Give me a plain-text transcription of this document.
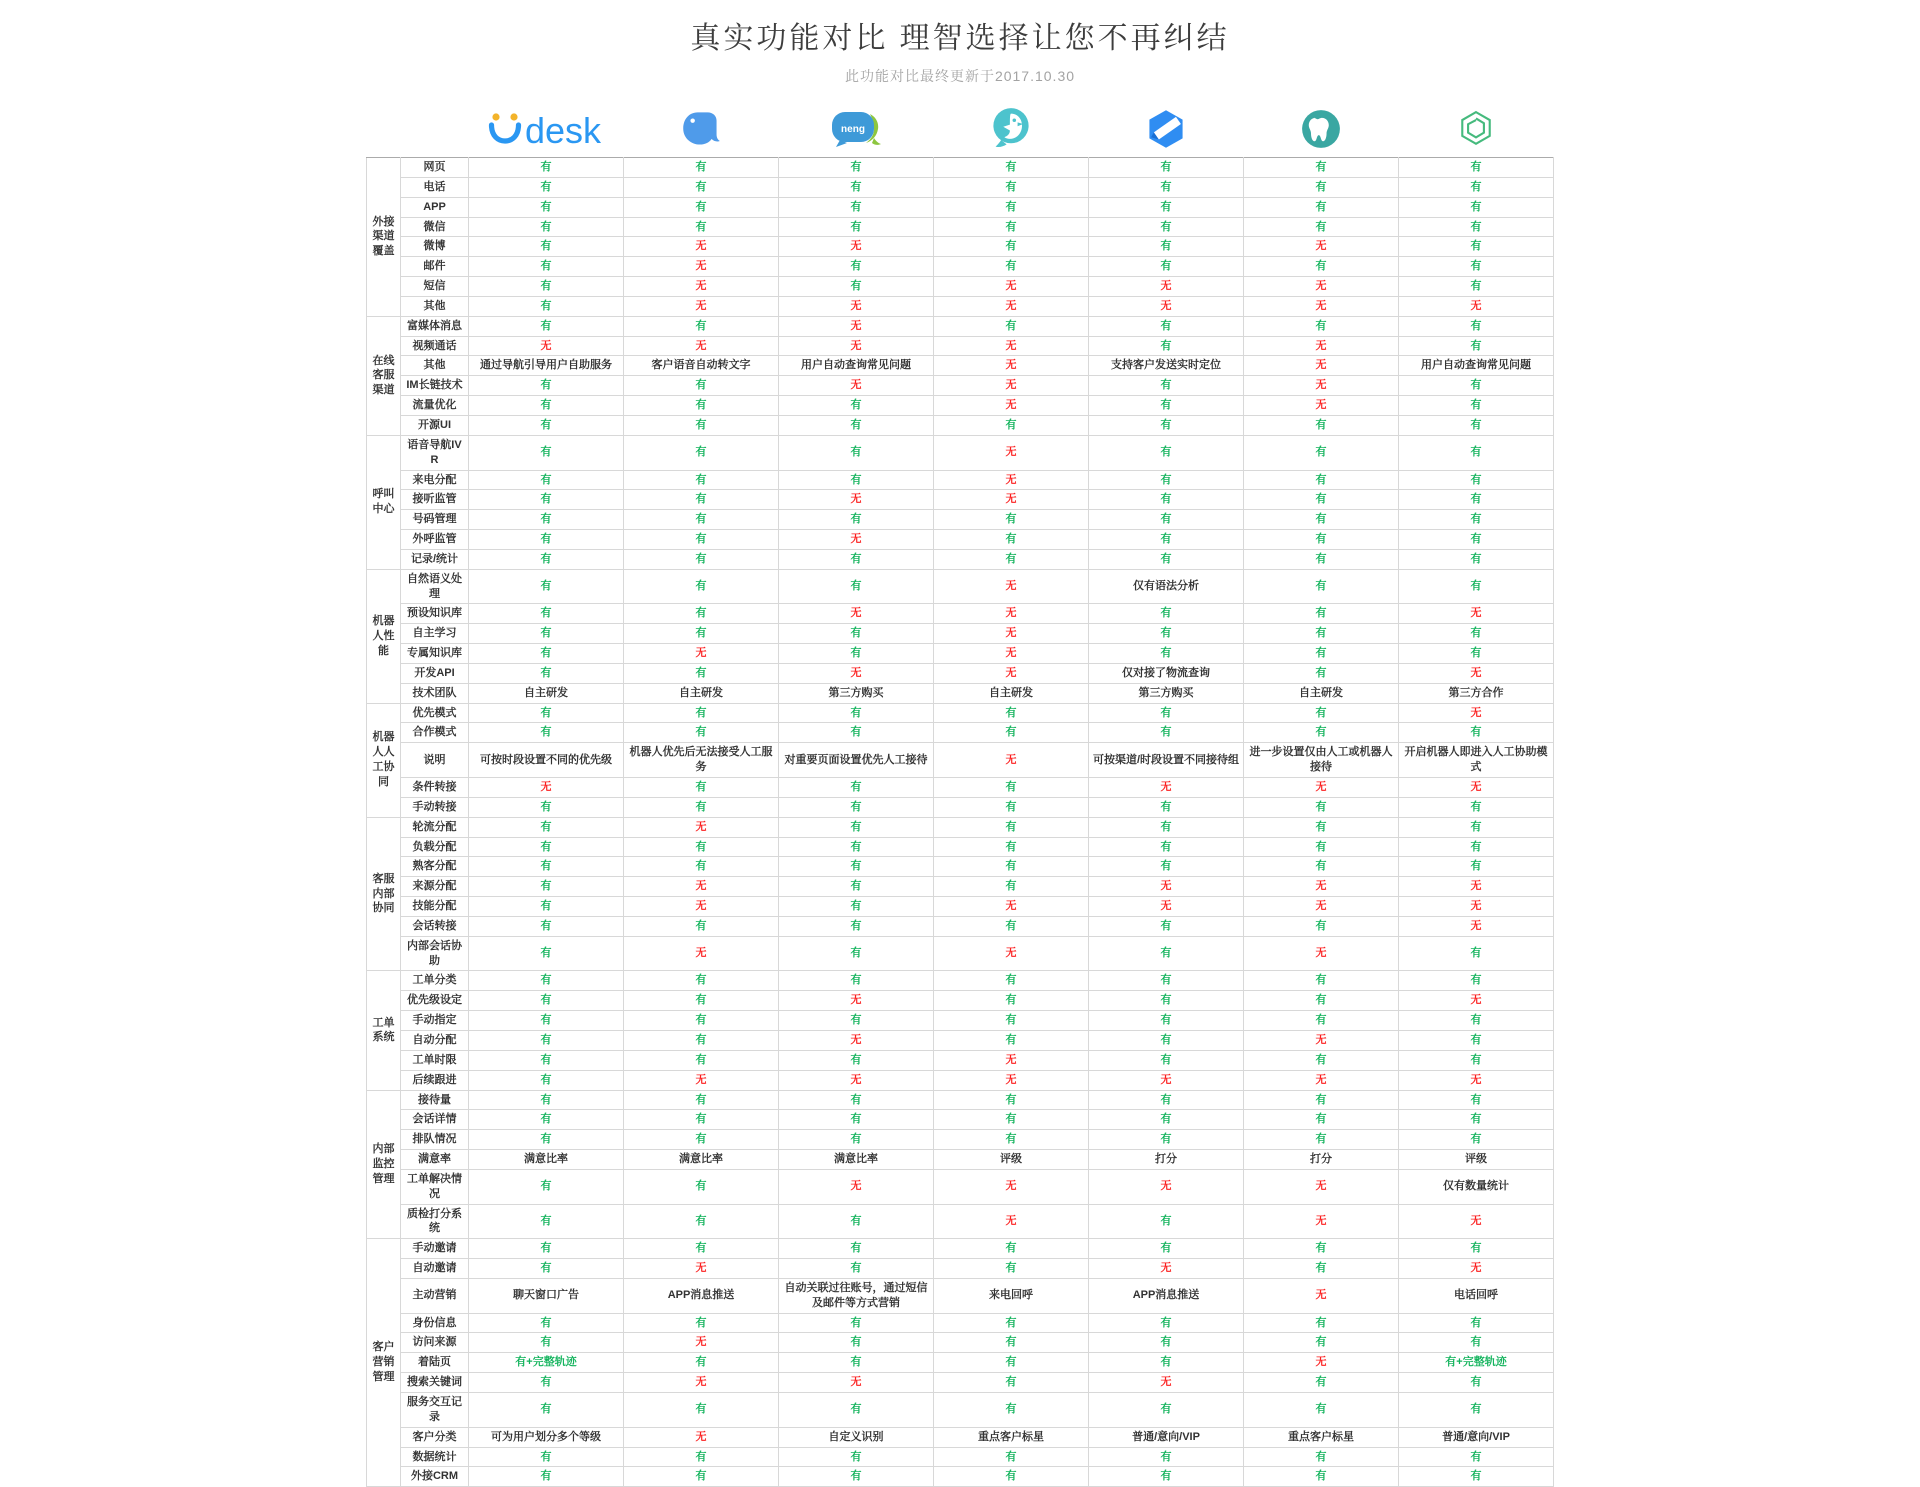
真实功能对比 理智选择让您不再纠结
此功能对比最终更新于2017.10.30
desk	neng
外接渠道覆盖	网页	有	有	有	有	有	有	有
	电话	有	有	有	有	有	有	有
	APP	有	有	有	有	有	有	有
	微信	有	有	有	有	有	有	有
	微博	有	无	无	有	有	无	有
	邮件	有	无	有	有	有	有	有
	短信	有	无	有	无	无	无	有
	其他	有	无	无	无	无	无	无
在线客服渠道	富媒体消息	有	有	无	有	有	有	有
	视频通话	无	无	无	无	有	无	有
	其他	通过导航引导用户自助服务	客户语音自动转文字	用户自动查询常见问题	无	支持客户发送实时定位	无	用户自动查询常见问题
	IM长链技术	有	有	无	无	有	无	有
	流量优化	有	有	有	无	有	无	有
	开源UI	有	有	有	有	有	有	有
呼叫中心	语音导航IVR	有	有	有	无	有	有	有
	来电分配	有	有	有	无	有	有	有
	接听监管	有	有	无	无	有	有	有
	号码管理	有	有	有	有	有	有	有
	外呼监管	有	有	无	有	有	有	有
	记录/统计	有	有	有	有	有	有	有
机器人性能	自然语义处理	有	有	有	无	仅有语法分析	有	有
	预设知识库	有	有	无	无	有	有	无
	自主学习	有	有	有	无	有	有	有
	专属知识库	有	无	有	无	有	有	有
	开发API	有	有	无	无	仅对接了物流查询	有	无
	技术团队	自主研发	自主研发	第三方购买	自主研发	第三方购买	自主研发	第三方合作
机器人人工协同	优先模式	有	有	有	有	有	有	无
	合作模式	有	有	有	有	有	有	有
	说明	可按时段设置不同的优先级	机器人优先后无法接受人工服务	对重要页面设置优先人工接待	无	可按渠道/时段设置不同接待组	进一步设置仅由人工或机器人接待	开启机器人即进入人工协助模式
	条件转接	无	有	有	有	无	无	无
	手动转接	有	有	有	有	有	有	有
客服内部协同	轮流分配	有	无	有	有	有	有	有
	负载分配	有	有	有	有	有	有	有
	熟客分配	有	有	有	有	有	有	有
	来源分配	有	无	有	有	无	无	无
	技能分配	有	无	有	无	无	无	无
	会话转接	有	有	有	有	有	有	无
	内部会话协助	有	无	有	无	有	无	有
工单系统	工单分类	有	有	有	有	有	有	有
	优先级设定	有	有	无	有	有	有	无
	手动指定	有	有	有	有	有	有	有
	自动分配	有	有	无	有	有	无	有
	工单时限	有	有	有	无	有	有	有
	后续跟进	有	无	无	无	无	无	无
内部监控管理	接待量	有	有	有	有	有	有	有
	会话详情	有	有	有	有	有	有	有
	排队情况	有	有	有	有	有	有	有
	满意率	满意比率	满意比率	满意比率	评级	打分	打分	评级
	工单解决情况	有	有	无	无	无	无	仅有数量统计
	质检打分系统	有	有	有	无	有	无	无
客户营销管理	手动邀请	有	有	有	有	有	有	有
	自动邀请	有	无	有	有	无	有	无
	主动营销	聊天窗口广告	APP消息推送	自动关联过往账号，通过短信及邮件等方式营销	来电回呼	APP消息推送	无	电话回呼
	身份信息	有	有	有	有	有	有	有
	访问来源	有	无	有	有	有	有	有
	着陆页	有+完整轨迹	有	有	有	有	无	有+完整轨迹
	搜索关键词	有	无	无	有	无	有	有
	服务交互记录	有	有	有	有	有	有	有
	客户分类	可为用户划分多个等级	无	自定义识别	重点客户标星	普通/意向/VIP	重点客户标星	普通/意向/VIP
	数据统计	有	有	有	有	有	有	有
	外接CRM	有	有	有	有	有	有	有
